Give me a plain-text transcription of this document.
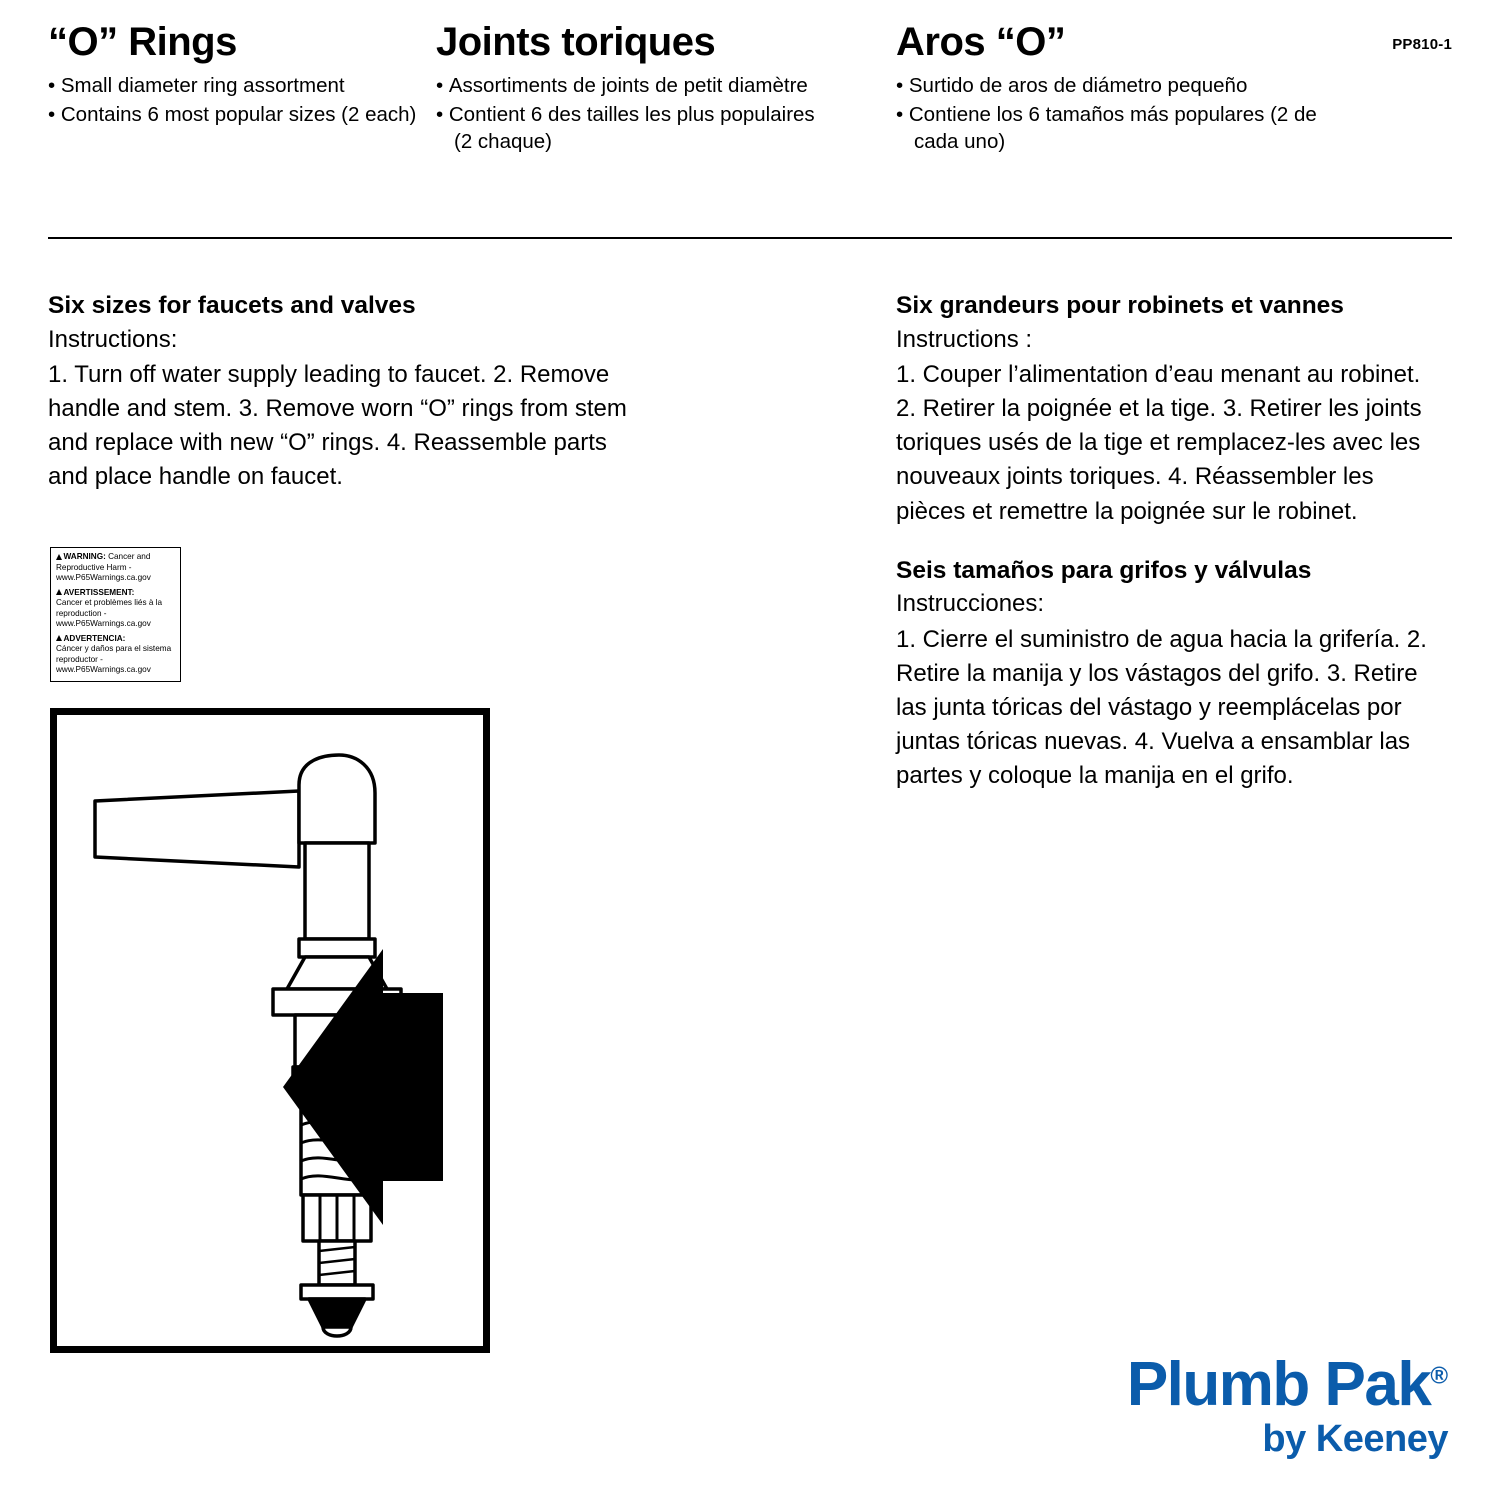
“O” Rings
• Small diameter ring assortment
• Contains 6 most popular sizes (2 each)
Joints toriques
• Assortiments de joints de petit diamètre
• Contient 6 des tailles les plus populaires (2 chaque)
Aros “O”
• Surtido de aros de diámetro pequeño
• Contiene los 6 tamaños más populares (2 de cada uno)
PP810-1
Six sizes for faucets and valves
Instructions:
1. Turn off water supply leading to faucet. 2. Remove handle and stem. 3. Remove worn “O” rings from stem and replace with new “O” rings. 4. Reassemble parts and place handle on faucet.
Six grandeurs pour robinets et vannes
Instructions :
1. Couper l’alimentation d’eau menant au robinet. 2. Retirer la poignée et la tige. 3. Retirer les joints toriques usés de la tige et remplacez-les avec les nouveaux joints toriques. 4. Réassembler les pièces et remettre la poignée sur le robinet.
Seis tamaños para grifos y válvulas
Instrucciones:
1. Cierre el suministro de agua hacia la grifería. 2. Retire la manija y los vástagos del grifo. 3. Retire las junta tóricas del vástago y reemplácelas por juntas tóricas nuevas. 4. Vuelva a ensamblar las partes y coloque la manija en el grifo.

WARNING: Cancer and Reproductive Harm - www.P65Warnings.ca.gov

AVERTISSEMENT:
Cancer et problèmes liés à la reproduction - www.P65Warnings.ca.gov

ADVERTENCIA:
Cáncer y daños para el sistema reproductor - www.P65Warnings.ca.gov

Plumb Pak®
by Keeney
